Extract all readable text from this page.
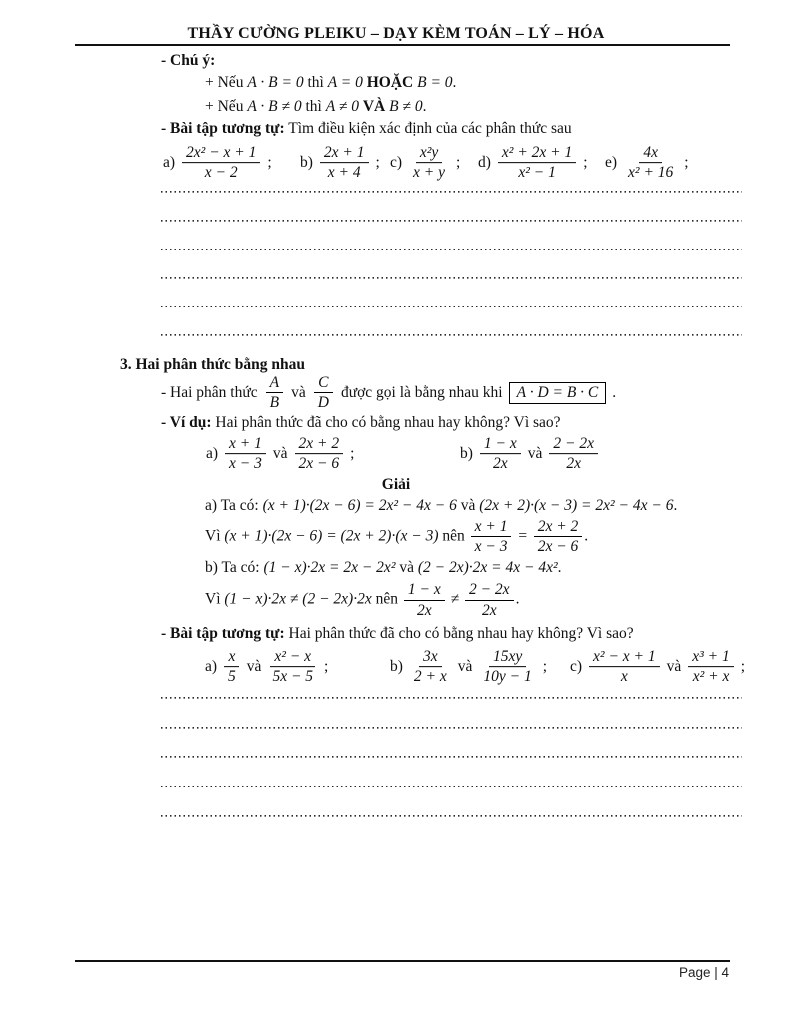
THẦY CƯỜNG PLEIKU – DẠY KÈM TOÁN – LÝ – HÓA
- Chú ý:
+ Nếu A · B = 0 thì A = 0 HOẶC B = 0.
+ Nếu A · B ≠ 0 thì A ≠ 0 VÀ B ≠ 0.
- Bài tập tương tự: Tìm điều kiện xác định của các phân thức sau
$a) \frac{\text{2x² − x + 1}}{x - 2}$ ; $b) \frac{2x + 1}{x + 4}$ ; $c) \frac{\text{x²y}}{x + y}$ ; $d) \frac{\text{x² + 2x + 1}}{\text{x² − 1}}$ ; $e) \frac{4x}{\text{x² + 16}}$ ;
3. Hai phân thức bằng nhau
- Hai phân thức $\frac{A}{B}$ và $\frac{C}{D}$ được gọi là bằng nhau khi A · D = B · C .
- Ví dụ: Hai phân thức đã cho có bằng nhau hay không? Vì sao?
$a) \frac{x + 1}{x - 3}$ và $\frac{2x + 2}{2x - 6}$ ;	$b) \frac{1 - x}{2x}$ và $\frac{2 - 2x}{2x}$
Giải
a) Ta có: (x + 1)·(2x − 6) = 2x² − 4x − 6 và (2x + 2)·(x − 3) = 2x² − 4x − 6.
Vì (x + 1)·(2x − 6) = (2x + 2)·(x − 3) nên $\frac{x + 1}{x - 3} = \frac{2x + 2}{2x - 6}$ .
b) Ta có: (1 − x)·2x = 2x − 2x² và (2 − 2x)·2x = 4x − 4x².
Vì (1 − x)·2x ≠ (2 − 2x)·2x nên $\frac{1 - x}{2x} \ne \frac{2 - 2x}{2x}$ .
- Bài tập tương tự: Hai phân thức đã cho có bằng nhau hay không? Vì sao?
$a) \frac{x}{5}$ và $\frac{\text{x² − x}}{5x - 5}$ ;	$b) \frac{3x}{2 + x}$ và $\frac{15xy}{10y - 1}$ ; $c) \frac{\text{x² − x + 1}}{x}$ và $\frac{\text{x³ + 1}}{\text{x² + x}}$ ;
Page | 4
